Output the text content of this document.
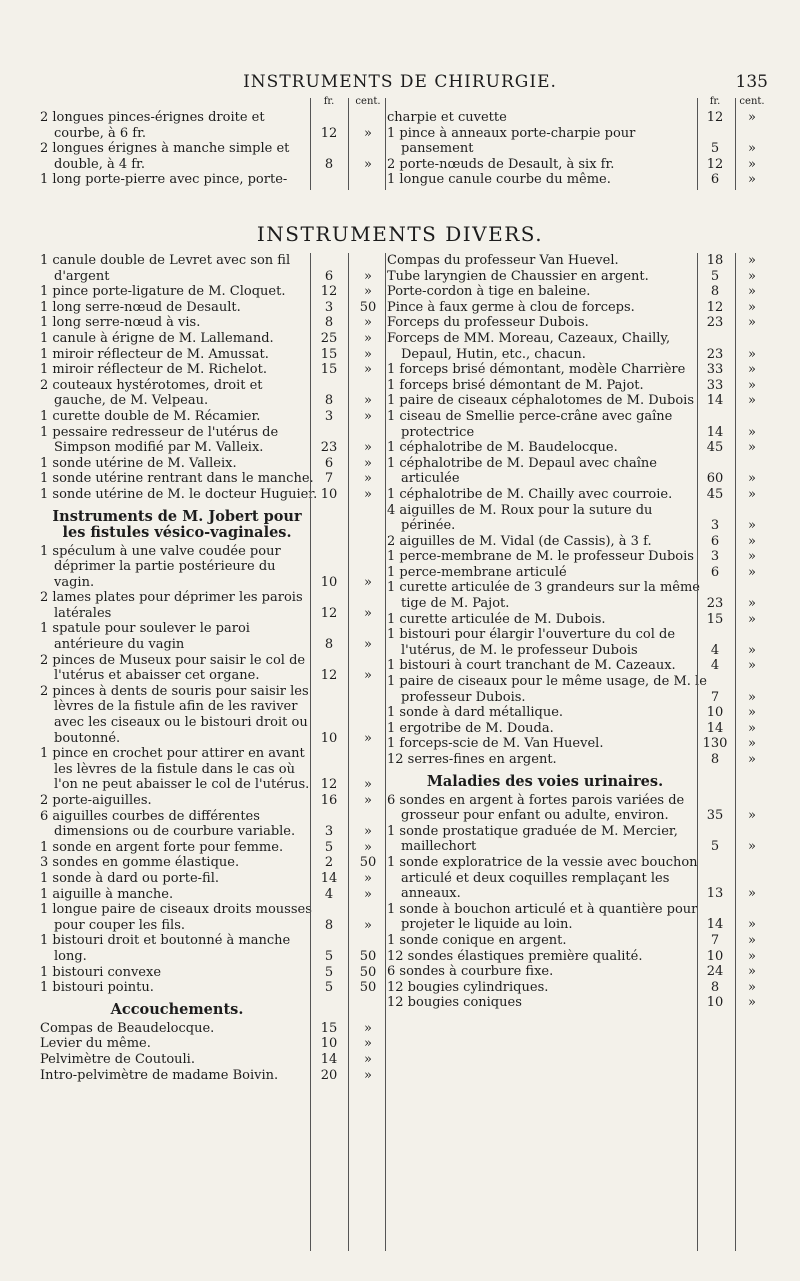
INSTRUMENTS DE CHIRURGIE.	135
fr.	cent.
2 longues pinces-érignes droite et courbe, à 6 fr.	12	»
2 longues érignes à manche simple et double, à 4 fr.	8	»
1 long porte-pierre avec pince, porte-
fr.	cent.
charpie et cuvette	12	»
1 pince à anneaux porte-charpie pour pansement	5	»
2 porte-nœuds de Desault, à six fr.	12	»
1 longue canule courbe du même.	6	»
INSTRUMENTS DIVERS.
1 canule double de Levret avec son fil d'argent	6	»
1 pince porte-ligature de M. Cloquet.	12	»
1 long serre-nœud de Desault.	3	50
1 long serre-nœud à vis.	8	»
1 canule à érigne de M. Lallemand.	25	»
1 miroir réflecteur de M. Amussat.	15	»
1 miroir réflecteur de M. Richelot.	15	»
2 couteaux hystérotomes, droit et gauche, de M. Velpeau.	8	»
1 curette double de M. Récamier.	3	»
1 pessaire redresseur de l'utérus de Simpson modifié par M. Valleix.	23	»
1 sonde utérine de M. Valleix.	6	»
1 sonde utérine rentrant dans le manche. 7	»
1 sonde utérine de M. le docteur Huguier. 10	»
Instruments de M. Jobert pour les fistules vésico-vaginales.
1 spéculum à une valve coudée pour déprimer la partie postérieure du vagin.	10	»
2 lames plates pour déprimer les parois latérales	12	»
1 spatule pour soulever le paroi antérieure du vagin	8	»
2 pinces de Museux pour saisir le col de l'utérus et abaisser cet organe.	12	»
2 pinces à dents de souris pour saisir les lèvres de la fistule afin de les raviver avec les ciseaux ou le bistouri droit ou boutonné.	10	»
1 pince en crochet pour attirer en avant les lèvres de la fistule dans le cas où l'on ne peut abaisser le col de l'utérus. 12	»
2 porte-aiguilles.	16	»
6 aiguilles courbes de différentes dimensions ou de courbure variable.	3	»
1 sonde en argent forte pour femme.	5	»
3 sondes en gomme élastique.	2	50
1 sonde à dard ou porte-fil.	14	»
1 aiguille à manche.	4	»
1 longue paire de ciseaux droits mousses pour couper les fils.	8	»
1 bistouri droit et boutonné à manche long.	5	50
1 bistouri convexe	5	50
1 bistouri pointu.	5	50
Accouchements.
Compas de Beaudelocque.	15	»
Levier du même.	10	»
Pelvimètre de Coutouli.	14	»
Intro-pelvimètre de madame Boivin.	20	»
Compas du professeur Van Huevel.	18	»
Tube laryngien de Chaussier en argent.	5	»
Porte-cordon à tige en baleine.	8	»
Pince à faux germe à clou de forceps.	12	»
Forceps du professeur Dubois.	23	»
Forceps de MM. Moreau, Cazeaux, Chailly, Depaul, Hutin, etc., chacun.	23	»
1 forceps brisé démontant, modèle Charrière	33	»
1 forceps brisé démontant de M. Pajot.	33	»
1 paire de ciseaux céphalotomes de M. Dubois 14	»
1 ciseau de Smellie perce-crâne avec gaîne protectrice	14	»
1 céphalotribe de M. Baudelocque.	45	»
1 céphalotribe de M. Depaul avec chaîne articulée	60	»
1 céphalotribe de M. Chailly avec courroie.	45	»
4 aiguilles de M. Roux pour la suture du périnée.	3	»
2 aiguilles de M. Vidal (de Cassis), à 3 f.	6	»
1 perce-membrane de M. le professeur Dubois	3	»
1 perce-membrane articulé	6	»
1 curette articulée de 3 grandeurs sur la même tige de M. Pajot.	23	»
1 curette articulée de M. Dubois.	15	»
1 bistouri pour élargir l'ouverture du col de l'utérus, de M. le professeur Dubois	4	»
1 bistouri à court tranchant de M. Cazeaux.	4	»
1 paire de ciseaux pour le même usage, de M. le professeur Dubois.	7	»
1 sonde à dard métallique.	10	»
1 ergotribe de M. Douda.	14	»
1 forceps-scie de M. Van Huevel.	130	»
12 serres-fines en argent.	8	»
Maladies des voies urinaires.
6 sondes en argent à fortes parois variées de grosseur pour enfant ou adulte, environ.	35	»
1 sonde prostatique graduée de M. Mercier, maillechort	5	»
1 sonde exploratrice de la vessie avec bouchon articulé et deux coquilles remplaçant les anneaux.	13	»
1 sonde à bouchon articulé et à quantière pour projeter le liquide au loin.	14	»
1 sonde conique en argent.	7	»
12 sondes élastiques première qualité.	10	»
6 sondes à courbure fixe.	24	»
12 bougies cylindriques.	8	»
12 bougies coniques	10	»
